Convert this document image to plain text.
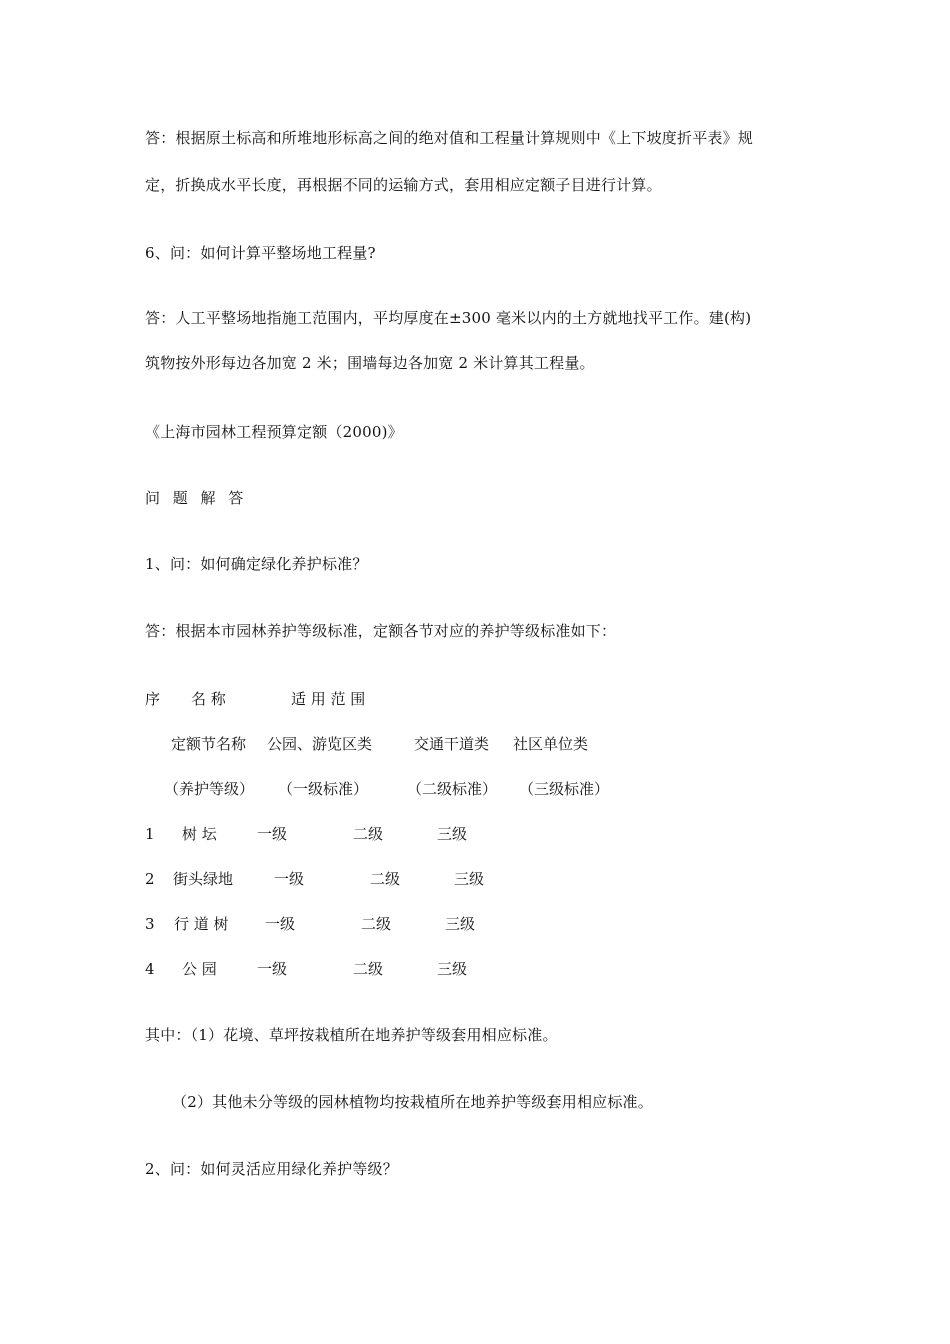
答：根据原土标高和所堆地形标高之间的绝对值和工程量计算规则中《上下坡度折平表》规
定，折换成水平长度，再根据不同的运输方式，套用相应定额子目进行计算。
6、问：如何计算平整场地工程量?
答：人工平整场地指施工范围内，平均厚度在±300 毫米以内的土方就地找平工作。建(构)
筑物按外形每边各加宽 2 米；围墙每边各加宽 2 米计算其工程量。
《上海市园林工程预算定额（2000)》
问 题 解 答
1、问：如何确定绿化养护标准？
答：根据本市园林养护等级标准，定额各节对应的养护等级标准如下：
序 名 称	适 用 范 围
定额节名称 公园、游览区类	交通干道类 社区单位类
（养护等级） （一级标准）	（二级标准） （三级标准）
1 树 坛	一级	二级	三级
2 街头绿地	一级	二级	三级
3 行 道 树 一级	二级	三级
4 公 园	一级	二级	三级
其中：（1）花境、草坪按栽植所在地养护等级套用相应标准。
（2）其他未分等级的园林植物均按栽植所在地养护等级套用相应标准。
2、问：如何灵活应用绿化养护等级？
